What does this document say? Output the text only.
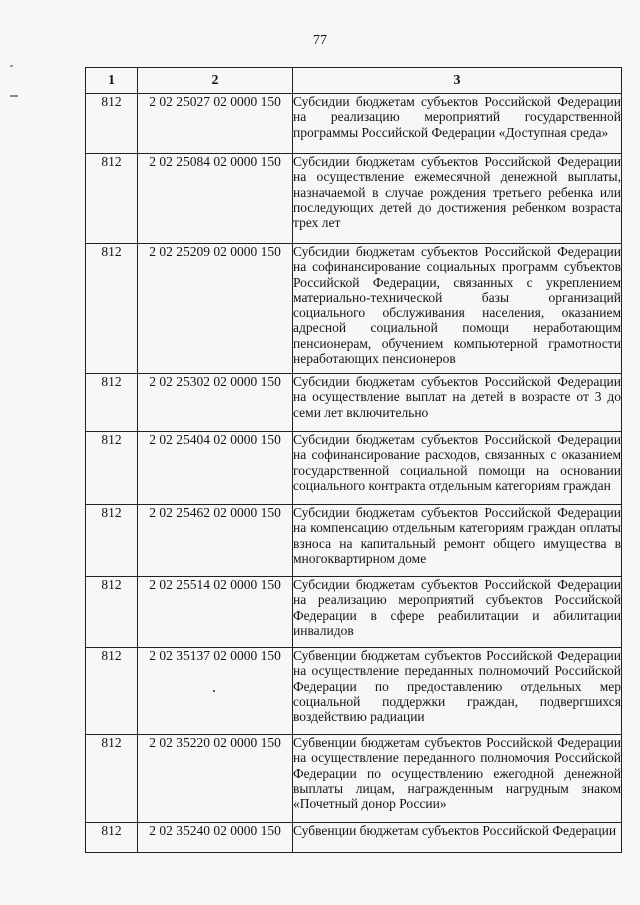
77
1	2	3
812	2 02 25027 02 0000 150	Субсидии бюджетам субъектов Российской Федерации на реализацию мероприятий государственной программы Российской Федерации «Доступная среда»
812	2 02 25084 02 0000 150	Субсидии бюджетам субъектов Российской Федерации на осуществление ежемесячной денежной выплаты, назначаемой в случае рождения третьего ребенка или последующих детей до достижения ребенком возраста трех лет
812	2 02 25209 02 0000 150	Субсидии бюджетам субъектов Российской Федерации на софинансирование социальных программ субъектов Российской Федерации, связанных с укреплением материально-технической базы организаций социального обслуживания населения, оказанием адресной социальной помощи неработающим пенсионерам, обучением компьютерной грамотности неработающих пенсионеров
812	2 02 25302 02 0000 150	Субсидии бюджетам субъектов Российской Федерации на осуществление выплат на детей в возрасте от 3 до семи лет включительно
812	2 02 25404 02 0000 150	Субсидии бюджетам субъектов Российской Федерации на софинансирование расходов, связанных с оказанием государственной социальной помощи на основании социального контракта отдельным категориям граждан
812	2 02 25462 02 0000 150	Субсидии бюджетам субъектов Российской Федерации на компенсацию отдельным категориям граждан оплаты взноса на капитальный ремонт общего имущества в многоквартирном доме
812	2 02 25514 02 0000 150	Субсидии бюджетам субъектов Российской Федерации на реализацию мероприятий субъектов Российской Федерации в сфере реабилитации и абилитации инвалидов
812	2 02 35137 02 0000 150	Субвенции бюджетам субъектов Российской Федерации на осуществление переданных полномочий Российской Федерации по предоставлению отдельных мер социальной поддержки граждан, подвергшихся воздействию радиации
812	2 02 35220 02 0000 150	Субвенции бюджетам субъектов Российской Федерации на осуществление переданного полномочия Российской Федерации по осуществлению ежегодной денежной выплаты лицам, награжденным нагрудным знаком «Почетный донор России»
812	2 02 35240 02 0000 150	Субвенции бюджетам субъектов Российской Федерации
